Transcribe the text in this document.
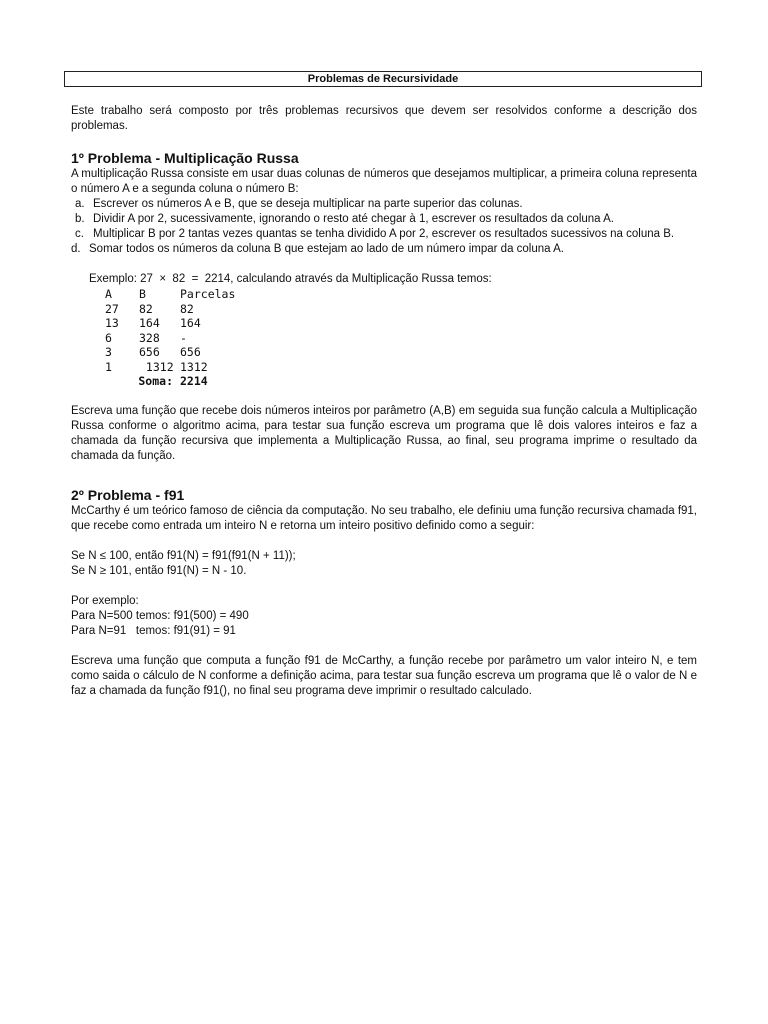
Problemas de Recursividade

Este trabalho será composto por três problemas recursivos que devem ser resolvidos conforme a descrição dos problemas.

1º Problema - Multiplicação Russa

A multiplicação Russa consiste em usar duas colunas de números que desejamos multiplicar, a primeira coluna representa o número A e a segunda coluna o número B:

a. Escrever os números A e B, que se deseja multiplicar na parte superior das colunas.
b. Dividir A por 2, sucessivamente, ignorando o resto até chegar à 1, escrever os resultados da coluna A.
c. Multiplicar B por 2 tantas vezes quantas se tenha dividido A por 2, escrever os resultados sucessivos na coluna B.
d. Somar todos os números da coluna B que estejam ao lado de um número impar da coluna A.
Exemplo: 27  ×  82  =  2214, calculando através da Multiplicação Russa temos:
A	B	Parcelas
27	82	82
13	164	164
6	328	-
3	656	656
1	1312	1312
Soma:		2214

Escreva uma função que recebe dois números inteiros por parâmetro (A,B) em seguida sua função calcula a Multiplicação Russa conforme o algoritmo acima, para testar sua função escreva um programa que lê dois valores inteiros e faz a chamada da função recursiva que implementa a Multiplicação Russa, ao final, seu programa imprime o resultado da chamada da função.

2º Problema - f91

McCarthy é um teórico famoso de ciência da computação. No seu trabalho, ele definiu uma função recursiva chamada f91, que recebe como entrada um inteiro N e retorna um inteiro positivo definido como a seguir:

Se N ≤ 100, então f91(N) = f91(f91(N + 11));
Se N ≥ 101, então f91(N) = N - 10.
Por exemplo:
Para N=500 temos: f91(500) = 490
Para N=91   temos: f91(91) = 91

Escreva uma função que computa a função f91 de McCarthy, a função recebe por parâmetro um valor inteiro N, e tem como saida o cálculo de N conforme a definição acima, para testar sua função escreva um programa que lê o valor de N e faz a chamada da função f91(), no final seu programa deve imprimir o resultado calculado.
